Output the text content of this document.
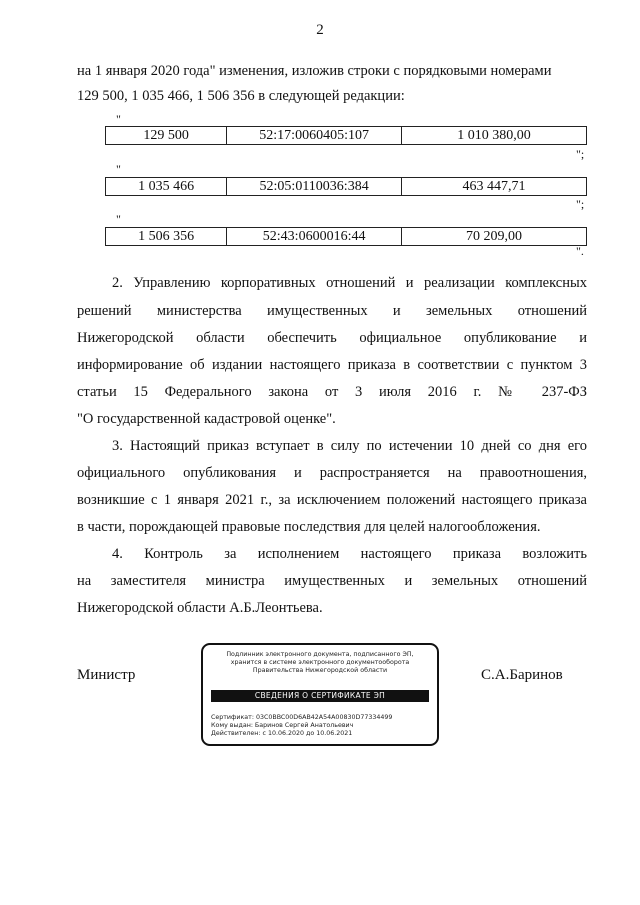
2
на 1 января 2020 года" изменения, изложив строки с порядковыми номерами
129 500, 1 035 466, 1 506 356 в следующей редакции:
"
129 500	52:17:0060405:107	1 010 380,00
";
"
1 035 466	52:05:0110036:384	463 447,71
";
"
1 506 356	52:43:0600016:44	70 209,00
".
2. Управлению корпоративных отношений и реализации комплексных
решений министерства имущественных и земельных отношений
Нижегородской области обеспечить официальное опубликование и
информирование об издании настоящего приказа в соответствии с пунктом 3
статьи 15 Федерального закона от 3 июля 2016 г. № 237-ФЗ
"О государственной кадастровой оценке".
3. Настоящий приказ вступает в силу по истечении 10 дней со дня его
официального опубликования и распространяется на правоотношения,
возникшие с 1 января 2021 г., за исключением положений настоящего приказа
в части, порождающей правовые последствия для целей налогообложения.
4. Контроль за исполнением настоящего приказа возложить
на заместителя министра имущественных и земельных отношений
Нижегородской области А.Б.Леонтьева.
Министр
Подлинник электронного документа, подписанного ЭП,
хранится в системе электронного документооборота
Правительства Нижегородской области
СВЕДЕНИЯ О СЕРТИФИКАТЕ ЭП
Сертификат: 03C0BBC00D6AB42A54A00830D77334499
Кому выдан: Баринов Сергей Анатольевич
Действителен: с 10.06.2020 до 10.06.2021
С.А.Баринов
